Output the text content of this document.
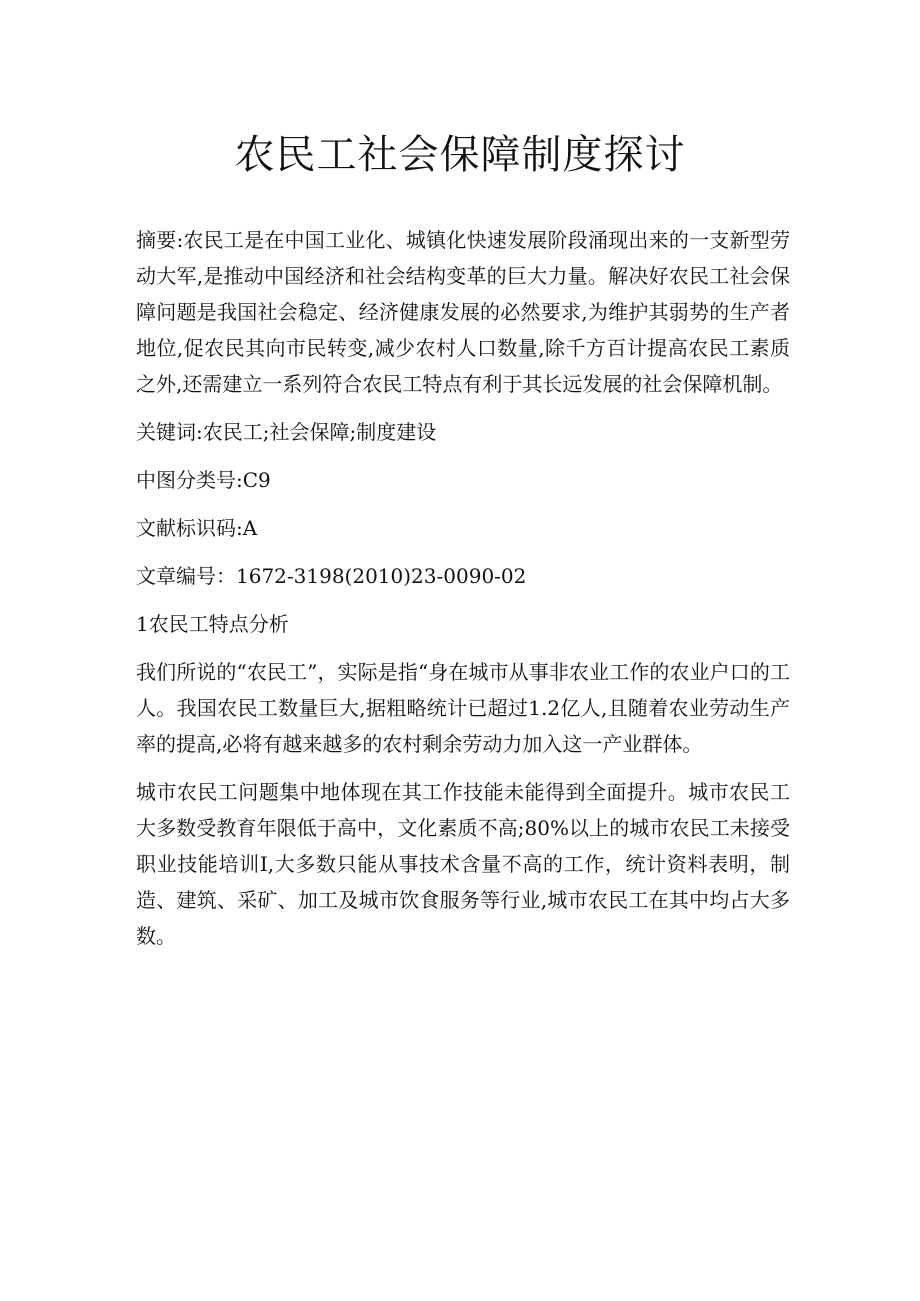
农民工社会保障制度探讨

摘要:农民工是在中国工业化、城镇化快速发展阶段涌现出来的一支新型劳动大军,是推动中国经济和社会结构变革的巨大力量。解决好农民工社会保障问题是我国社会稳定、经济健康发展的必然要求,为维护其弱势的生产者地位,促农民其向市民转变,减少农村人口数量,除千方百计提高农民工素质之外,还需建立一系列符合农民工特点有利于其长远发展的社会保障机制。

关键词:农民工;社会保障;制度建设

中图分类号:C9

文献标识码:A

文章编号：1672-3198(2010)23-0090-02

1农民工特点分析

我们所说的“农民工”，实际是指“身在城市从事非农业工作的农业户口的工人。我国农民工数量巨大,据粗略统计已超过1.2亿人,且随着农业劳动生产率的提高,必将有越来越多的农村剩余劳动力加入这一产业群体。

城市农民工问题集中地体现在其工作技能未能得到全面提升。城市农民工大多数受教育年限低于高中，文化素质不高;80%以上的城市农民工未接受职业技能培训I,大多数只能从事技术含量不高的工作，统计资料表明，制造、建筑、采矿、加工及城市饮食服务等行业,城市农民工在其中均占大多数。
